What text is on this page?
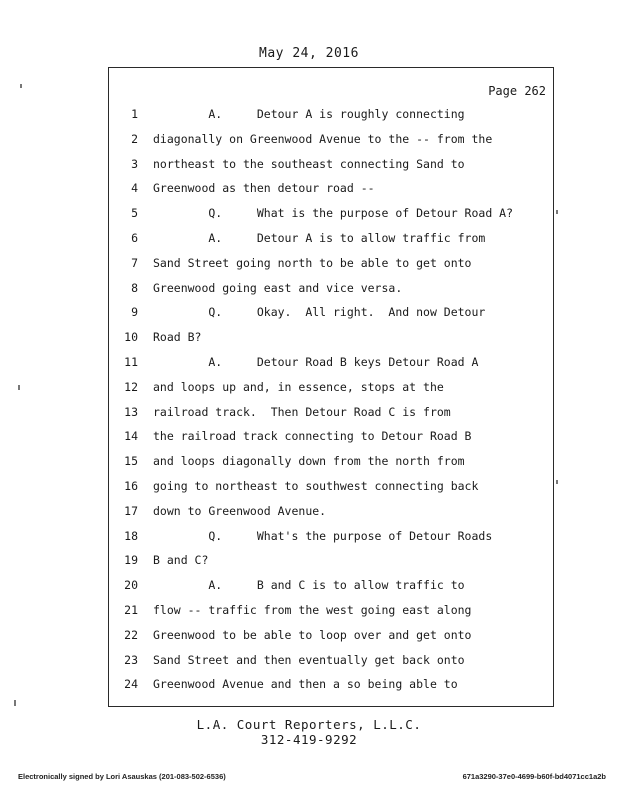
May 24, 2016
Page 262
1 A.     Detour A is roughly connecting
2 diagonally on Greenwood Avenue to the -- from the
3 northeast to the southeast connecting Sand to
4 Greenwood as then detour road --
5 Q.     What is the purpose of Detour Road A?
6 A.     Detour A is to allow traffic from
7 Sand Street going north to be able to get onto
8 Greenwood going east and vice versa.
9 Q.     Okay.  All right.  And now Detour
10 Road B?
11 A.     Detour Road B keys Detour Road A
12 and loops up and, in essence, stops at the
13 railroad track.  Then Detour Road C is from
14 the railroad track connecting to Detour Road B
15 and loops diagonally down from the north from
16 going to northeast to southwest connecting back
17 down to Greenwood Avenue.
18 Q.     What's the purpose of Detour Roads
19 B and C?
20 A.     B and C is to allow traffic to
21 flow -- traffic from the west going east along
22 Greenwood to be able to loop over and get onto
23 Sand Street and then eventually get back onto
24 Greenwood Avenue and then a so being able to
L.A. Court Reporters, L.L.C.
312-419-9292
Electronically signed by Lori Asauskas (201-083-502-6536)	671a3290-37e0-4699-b60f-bd4071cc1a2b
